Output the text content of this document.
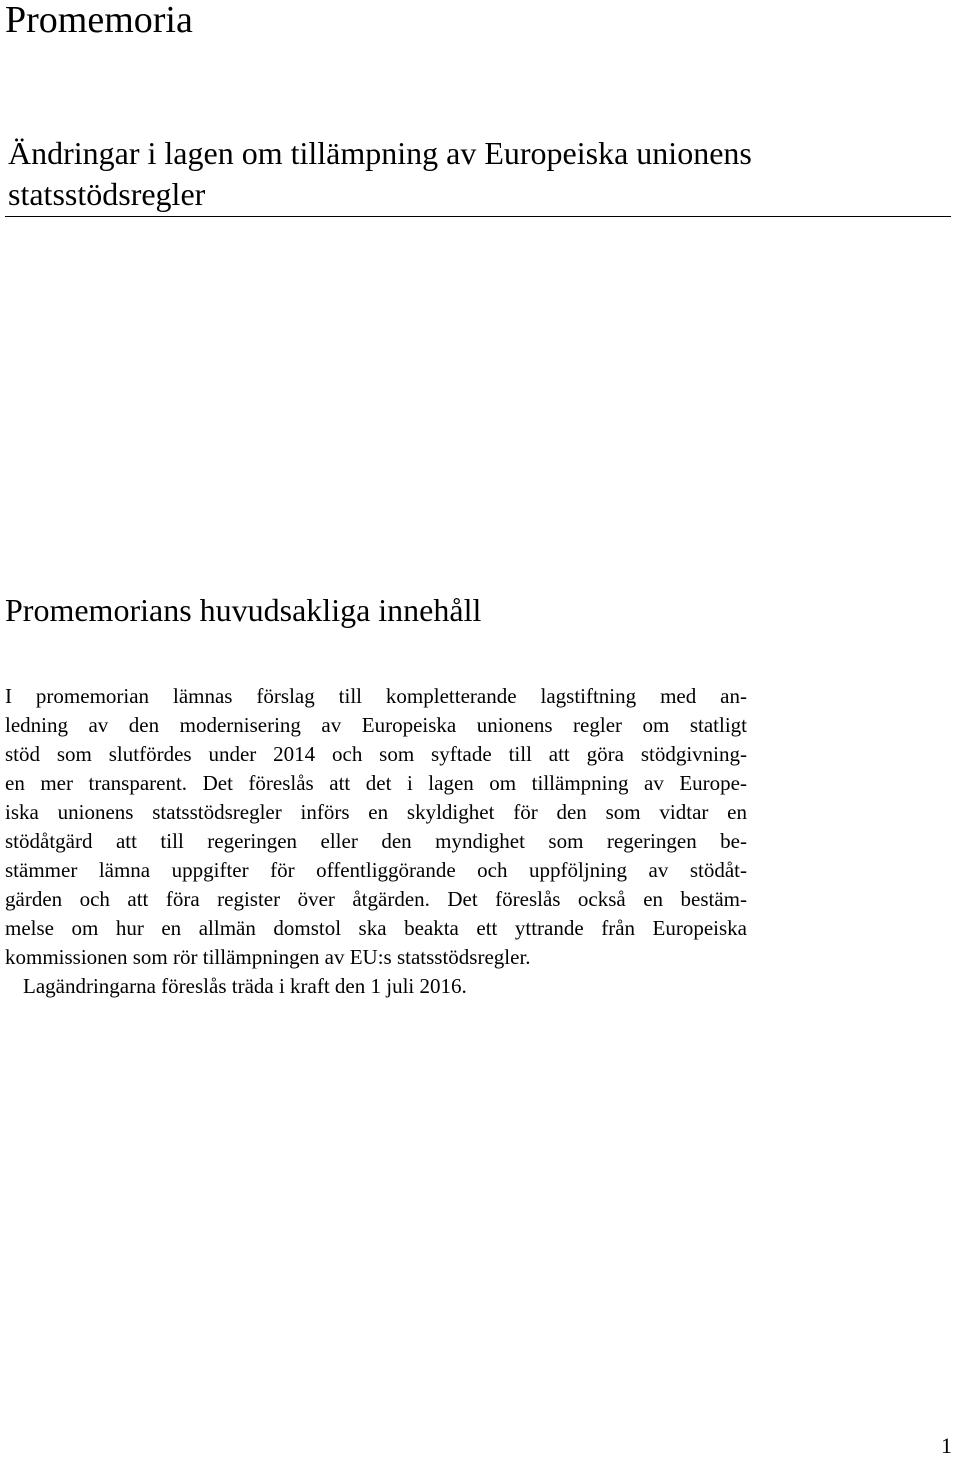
Promemoria
Ändringar i lagen om tillämpning av Europeiska unionens statsstödsregler
Promemorians huvudsakliga innehåll
I promemorian lämnas förslag till kompletterande lagstiftning med an-
ledning av den modernisering av Europeiska unionens regler om statligt
stöd som slutfördes under 2014 och som syftade till att göra stödgivning-
en mer transparent. Det föreslås att det i lagen om tillämpning av Europe-
iska unionens statsstödsregler införs en skyldighet för den som vidtar en
stödåtgärd att till regeringen eller den myndighet som regeringen be-
stämmer lämna uppgifter för offentliggörande och uppföljning av stödåt-
gärden och att föra register över åtgärden. Det föreslås också en bestäm-
melse om hur en allmän domstol ska beakta ett yttrande från Europeiska
kommissionen som rör tillämpningen av EU:s statsstödsregler.
Lagändringarna föreslås träda i kraft den 1 juli 2016.
1
